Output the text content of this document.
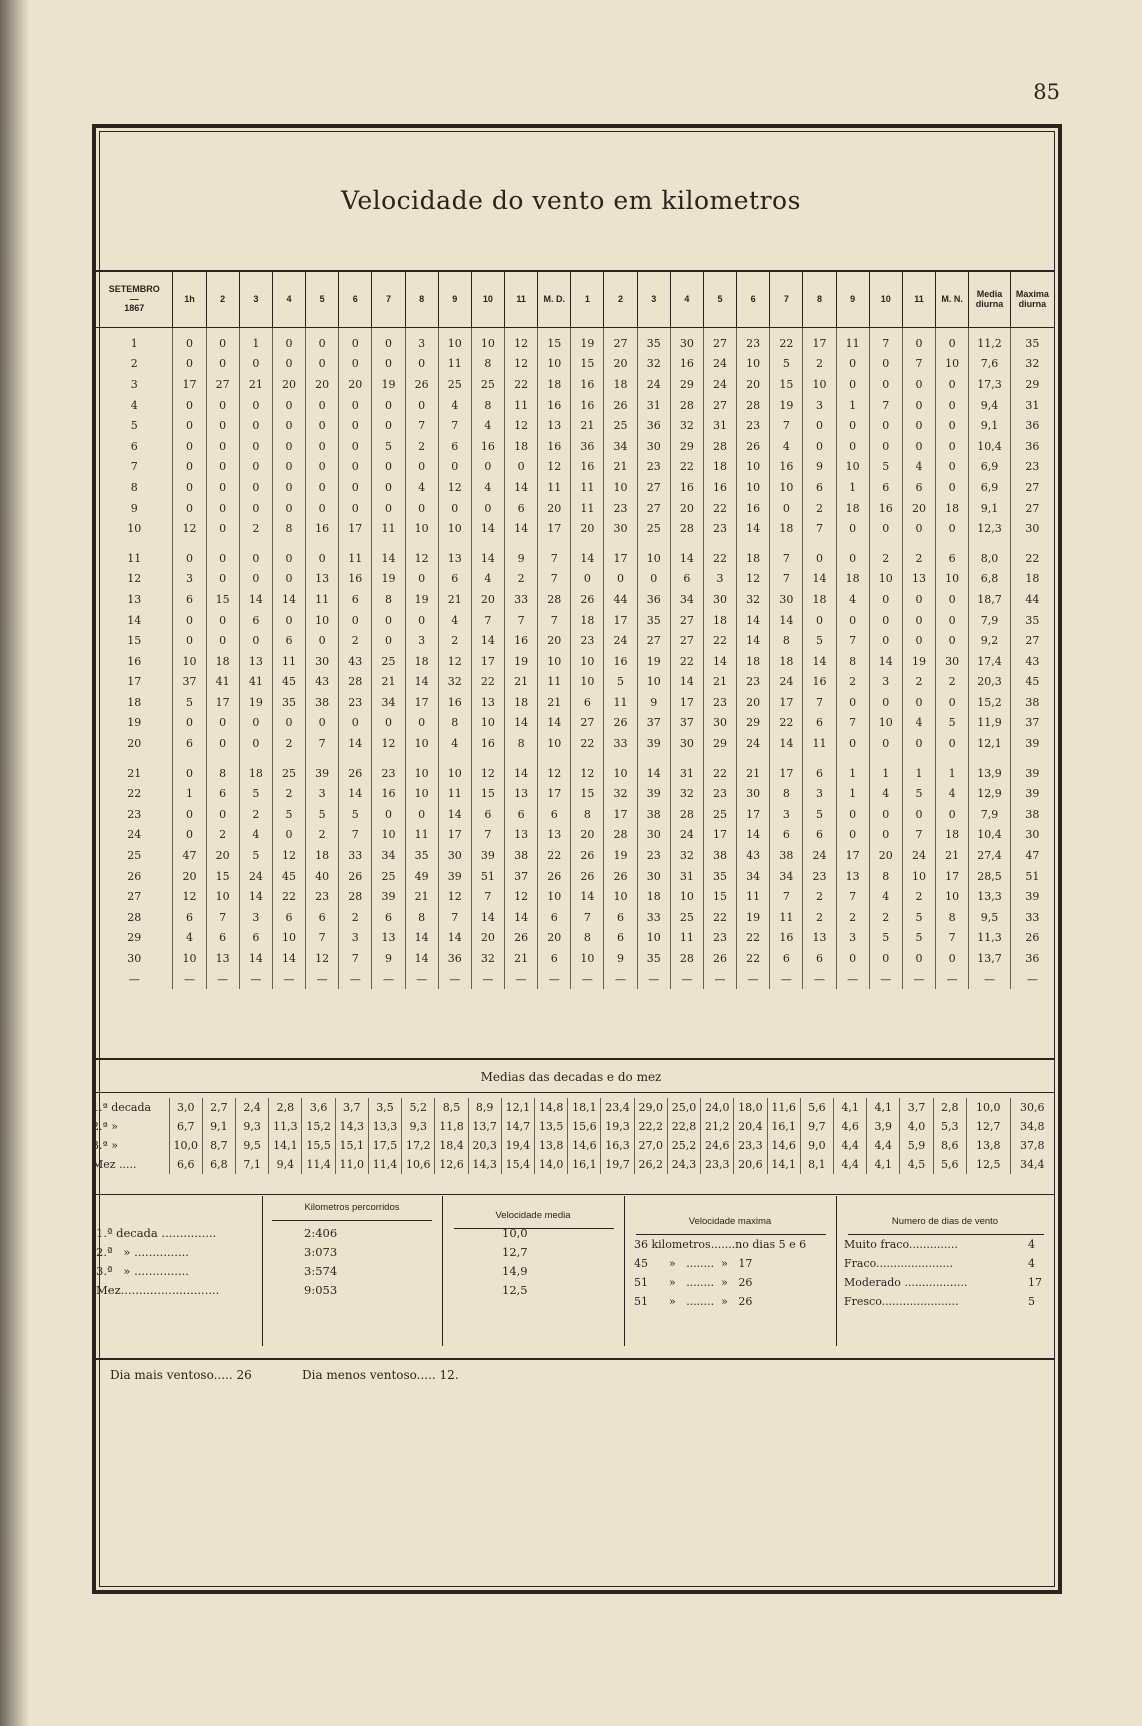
85
Velocidade do vento em kilometros
SETEMBRO
—
1867	1h	2	3	4	5	6	7	8	9	10	11	M. D.	1	2	3	4	5	6	7	8	9	10	11	M. N.	Media diurna	Maxima diurna
1	0	0	1	0	0	0	0	3	10	10	12	15	19	27	35	30	27	23	22	17	11	7	0	0	11,2	35
2	0	0	0	0	0	0	0	0	11	8	12	10	15	20	32	16	24	10	5	2	0	0	7	10	7,6	32
3	17	27	21	20	20	20	19	26	25	25	22	18	16	18	24	29	24	20	15	10	0	0	0	0	17,3	29
4	0	0	0	0	0	0	0	0	4	8	11	16	16	26	31	28	27	28	19	3	1	7	0	0	9,4	31
5	0	0	0	0	0	0	0	7	7	4	12	13	21	25	36	32	31	23	7	0	0	0	0	0	9,1	36
6	0	0	0	0	0	0	5	2	6	16	18	16	36	34	30	29	28	26	4	0	0	0	0	0	10,4	36
7	0	0	0	0	0	0	0	0	0	0	0	12	16	21	23	22	18	10	16	9	10	5	4	0	6,9	23
8	0	0	0	0	0	0	0	4	12	4	14	11	11	10	27	16	16	10	10	6	1	6	6	0	6,9	27
9	0	0	0	0	0	0	0	0	0	0	6	20	11	23	27	20	22	16	0	2	18	16	20	18	9,1	27
10	12	0	2	8	16	17	11	10	10	14	14	17	20	30	25	28	23	14	18	7	0	0	0	0	12,3	30
11	0	0	0	0	0	11	14	12	13	14	9	7	14	17	10	14	22	18	7	0	0	2	2	6	8,0	22
12	3	0	0	0	13	16	19	0	6	4	2	7	0	0	0	6	3	12	7	14	18	10	13	10	6,8	18
13	6	15	14	14	11	6	8	19	21	20	33	28	26	44	36	34	30	32	30	18	4	0	0	0	18,7	44
14	0	0	6	0	10	0	0	0	4	7	7	7	18	17	35	27	18	14	14	0	0	0	0	0	7,9	35
15	0	0	0	6	0	2	0	3	2	14	16	20	23	24	27	27	22	14	8	5	7	0	0	0	9,2	27
16	10	18	13	11	30	43	25	18	12	17	19	10	10	16	19	22	14	18	18	14	8	14	19	30	17,4	43
17	37	41	41	45	43	28	21	14	32	22	21	11	10	5	10	14	21	23	24	16	2	3	2	2	20,3	45
18	5	17	19	35	38	23	34	17	16	13	18	21	6	11	9	17	23	20	17	7	0	0	0	0	15,2	38
19	0	0	0	0	0	0	0	0	8	10	14	14	27	26	37	37	30	29	22	6	7	10	4	5	11,9	37
20	6	0	0	2	7	14	12	10	4	16	8	10	22	33	39	30	29	24	14	11	0	0	0	0	12,1	39
21	0	8	18	25	39	26	23	10	10	12	14	12	12	10	14	31	22	21	17	6	1	1	1	1	13,9	39
22	1	6	5	2	3	14	16	10	11	15	13	17	15	32	39	32	23	30	8	3	1	4	5	4	12,9	39
23	0	0	2	5	5	5	0	0	14	6	6	6	8	17	38	28	25	17	3	5	0	0	0	0	7,9	38
24	0	2	4	0	2	7	10	11	17	7	13	13	20	28	30	24	17	14	6	6	0	0	7	18	10,4	30
25	47	20	5	12	18	33	34	35	30	39	38	22	26	19	23	32	38	43	38	24	17	20	24	21	27,4	47
26	20	15	24	45	40	26	25	49	39	51	37	26	26	26	30	31	35	34	34	23	13	8	10	17	28,5	51
27	12	10	14	22	23	28	39	21	12	7	12	10	14	10	18	10	15	11	7	2	7	4	2	10	13,3	39
28	6	7	3	6	6	2	6	8	7	14	14	6	7	6	33	25	22	19	11	2	2	2	5	8	9,5	33
29	4	6	6	10	7	3	13	14	14	20	26	20	8	6	10	11	23	22	16	13	3	5	5	7	11,3	26
30	10	13	14	14	12	7	9	14	36	32	21	6	10	9	35	28	26	22	6	6	0	0	0	0	13,7	36
—	—	—	—	—	—	—	—	—	—	—	—	—	—	—	—	—	—	—	—	—	—	—	—	—	—	—
Medias das decadas e do mez
1.ª decada	3,0	2,7	2,4	2,8	3,6	3,7	3,5	5,2	8,5	8,9	12,1	14,8	18,1	23,4	29,0	25,0	24,0	18,0	11,6	5,6	4,1	4,1	3,7	2,8	10,0	30,6
2.ª »	6,7	9,1	9,3	11,3	15,2	14,3	13,3	9,3	11,8	13,7	14,7	13,5	15,6	19,3	22,2	22,8	21,2	20,4	16,1	9,7	4,6	3,9	4,0	5,3	12,7	34,8
3.ª »	10,0	8,7	9,5	14,1	15,5	15,1	17,5	17,2	18,4	20,3	19,4	13,8	14,6	16,3	27,0	25,2	24,6	23,3	14,6	9,0	4,4	4,4	5,9	8,6	13,8	37,8
Mez .....	6,6	6,8	7,1	9,4	11,4	11,0	11,4	10,6	12,6	14,3	15,4	14,0	16,1	19,7	26,2	24,3	23,3	20,6	14,1	8,1	4,4	4,1	4,5	5,6	12,5	34,4
Kilometros percorridos
Velocidade media
Velocidade maxima	Numero de dias de vento
1.ª decada ...............	2:406	10,0
36 kilometros.......no dias 5 e 6	Muito fraco..............	4
2.ª   » ...............	3:073	12,7
45      »   ........  »   17	Fraco......................	4
3.ª   » ...............	3:574	14,9
51      »   ........  »   26	Moderado ..................	17
Mez...........................	9:053	12,5
51      »   ........  »   26	Fresco......................	5
Dia mais ventoso..... 26	Dia menos ventoso..... 12.
